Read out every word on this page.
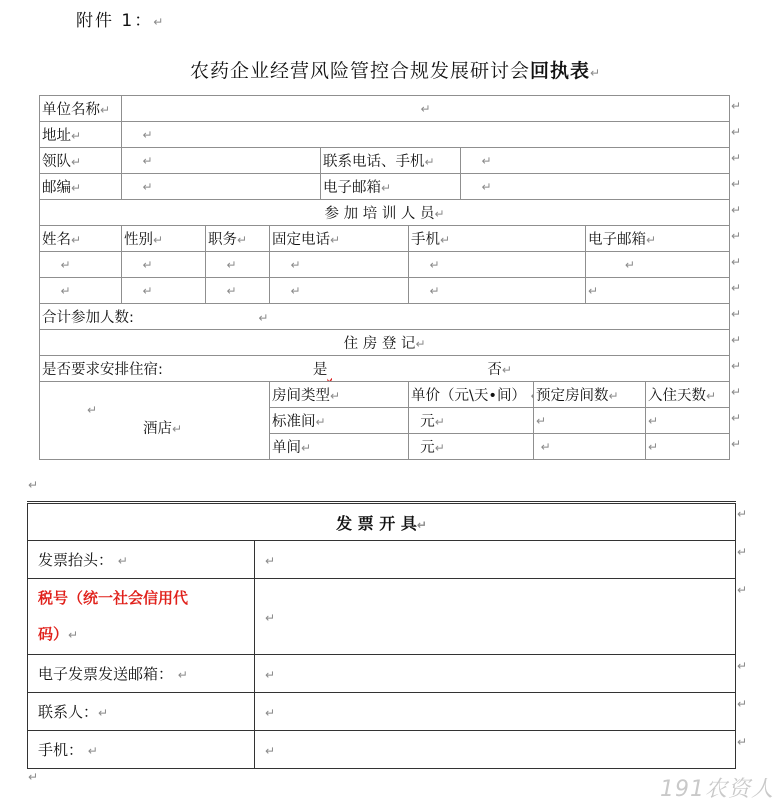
附件 1：↵
农药企业经营风险管控合规发展研讨会回执表↵
单位名称↵	↵								
地址↵	↵								
领队↵	↵			联系电话、手机↵		↵			
邮编↵	↵			电子邮箱↵		↵			
参 加 培 训 人 员↵									
姓名↵	性别↵	职务↵	固定电话↵		手机↵			电子邮箱↵	
↵	↵	↵	↵		↵			↵	
↵	↵	↵	↵		↵			↵	
合计参加人数: ↵									
住 房 登 记↵									
是否要求安排住宿: 是 否↵									

↵
酒店↵			房间类型↵		单价（元\天•间）		预定房间数↵		入住天数↵
			标准间↵		元↵		↵		↵
			单间↵		元↵		↵		↵
↵
↵
↵
↵
↵
↵
↵
↵
↵
↵
↵
↵
↵
↵
↵
发 票 开 具↵	
发票抬头： ↵	↵

税号（统一社会信用代
码）↵	↵
电子发票发送邮箱： ↵	↵
联系人：↵	↵
手机： ↵	↵
↵
↵
↵
↵
↵
↵
↵	191农资人
